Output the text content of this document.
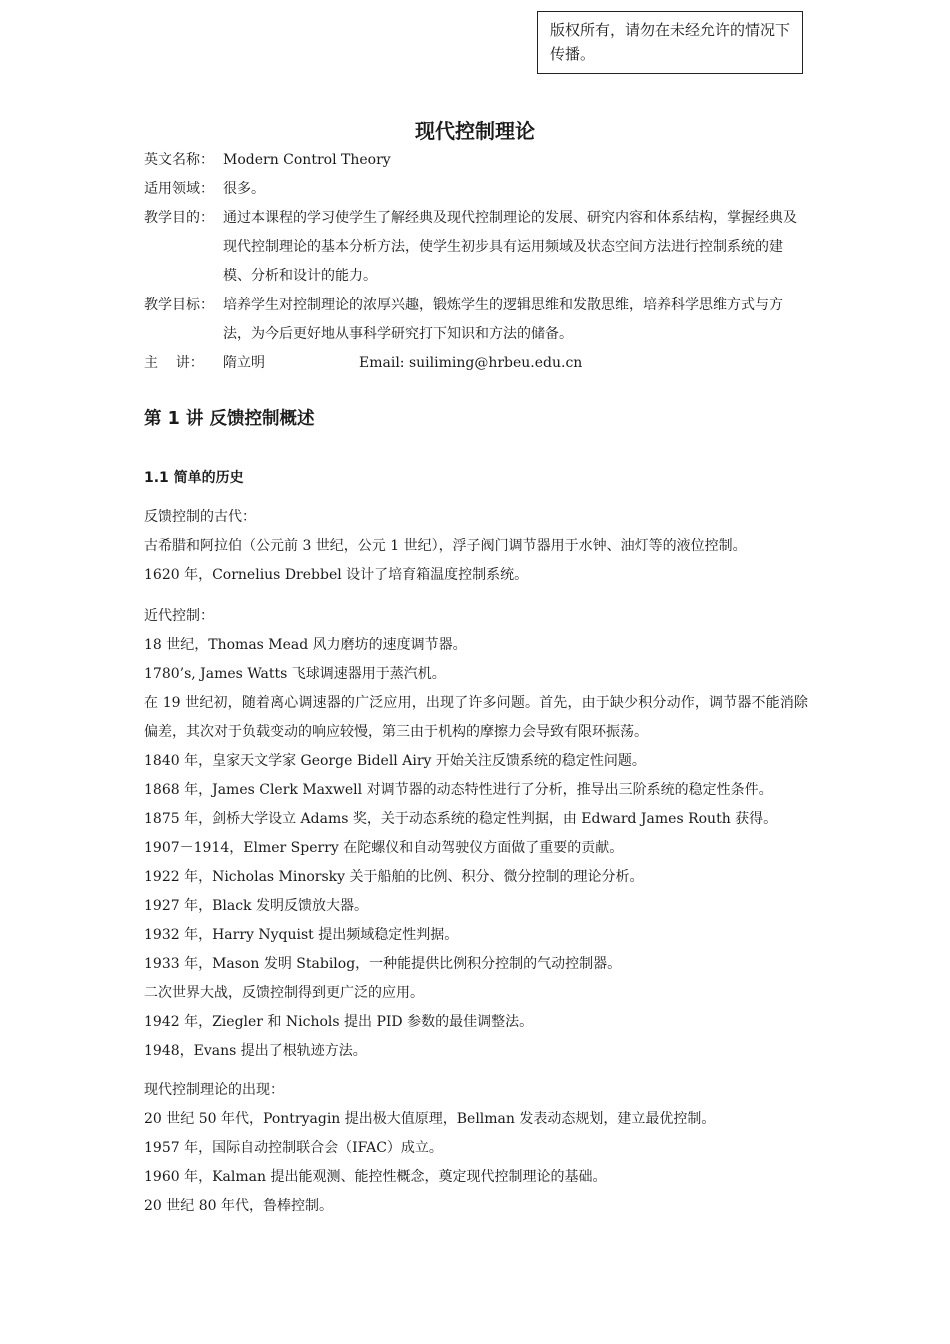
版权所有，请勿在未经允许的情况下传播。
现代控制理论
英文名称： Modern Control Theory
适用领域： 很多。
教学目的： 通过本课程的学习使学生了解经典及现代控制理论的发展、研究内容和体系结构，掌握经典及现代控制理论的基本分析方法，使学生初步具有运用频域及状态空间方法进行控制系统的建模、分析和设计的能力。
教学目标： 培养学生对控制理论的浓厚兴趣，锻炼学生的逻辑思维和发散思维，培养科学思维方式与方法，为今后更好地从事科学研究打下知识和方法的储备。
主    讲： 隋立明	Email: suiliming@hrbeu.edu.cn
第 1 讲 反馈控制概述
1.1 简单的历史
反馈控制的古代：
古希腊和阿拉伯（公元前 3 世纪，公元 1 世纪），浮子阀门调节器用于水钟、油灯等的液位控制。
1620 年，Cornelius Drebbel 设计了培育箱温度控制系统。
近代控制：
18 世纪，Thomas Mead 风力磨坊的速度调节器。
1780’s, James Watts 飞球调速器用于蒸汽机。
在 19 世纪初，随着离心调速器的广泛应用，出现了许多问题。首先，由于缺少积分动作，调节器不能消除偏差，其次对于负载变动的响应较慢，第三由于机构的摩擦力会导致有限环振荡。
1840 年，皇家天文学家 George Bidell Airy 开始关注反馈系统的稳定性问题。
1868 年，James Clerk Maxwell 对调节器的动态特性进行了分析，推导出三阶系统的稳定性条件。
1875 年，剑桥大学设立 Adams 奖，关于动态系统的稳定性判据，由 Edward James Routh 获得。
1907－1914，Elmer Sperry 在陀螺仪和自动驾驶仪方面做了重要的贡献。
1922 年，Nicholas Minorsky 关于船舶的比例、积分、微分控制的理论分析。
1927 年，Black 发明反馈放大器。
1932 年，Harry Nyquist 提出频域稳定性判据。
1933 年，Mason 发明 Stabilog，一种能提供比例积分控制的气动控制器。
二次世界大战，反馈控制得到更广泛的应用。
1942 年，Ziegler 和 Nichols 提出 PID 参数的最佳调整法。
1948，Evans 提出了根轨迹方法。
现代控制理论的出现：
20 世纪 50 年代，Pontryagin 提出极大值原理，Bellman 发表动态规划，建立最优控制。
1957 年，国际自动控制联合会（IFAC）成立。
1960 年，Kalman 提出能观测、能控性概念，奠定现代控制理论的基础。
20 世纪 80 年代，鲁棒控制。
